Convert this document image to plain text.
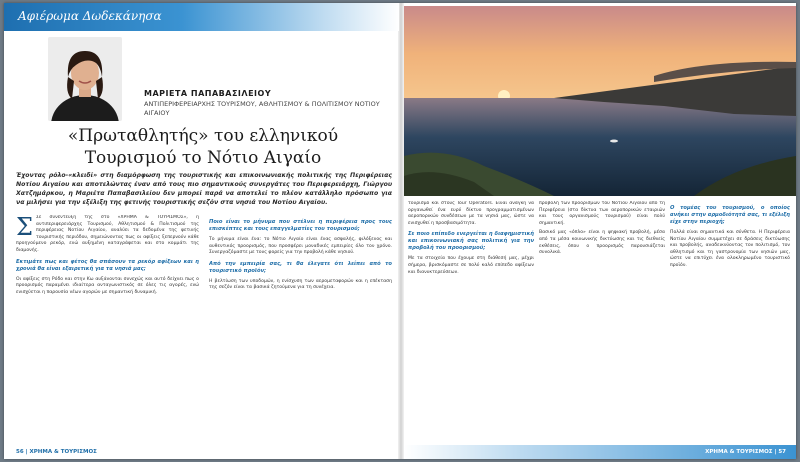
Αφιέρωμα Δωδεκάνησα
ΜΑΡΙΕΤΑ ΠΑΠΑΒΑΣΙΛΕΙΟΥ
ΑΝΤΙΠΕΡΙΦΕΡΕΙΑΡΧΗΣ ΤΟΥΡΙΣΜΟΥ, ΑΘΛΗΤΙΣΜΟΥ & ΠΟΛΙΤΙΣΜΟΥ ΝΟΤΙΟΥ ΑΙΓΑΙΟΥ
«Πρωταθλητής» του ελληνικού Τουρισμού το Νότιο Αιγαίο
Έχοντας ρόλο-«κλειδί» στη διαμόρφωση της τουριστικής και επικοινωνιακής πολιτικής της Περιφέρειας Νοτίου Αιγαίου και αποτελώντας έναν από τους πιο σημαντικούς συνεργάτες του Περιφερειάρχη, Γιώργου Χατζημάρκου, η Μαριέτα Παπαβασιλείου δεν μπορεί παρά να αποτελεί το πλέον κατάλληλο πρόσωπο για να μιλήσει για την εξέλιξη της φετινής τουριστικής σεζόν στα νησιά του Νοτίου Αιγαίου.

Σ Σε συνέντευξη της στο «ΧΡΗΜΑ & ΤΟΥΡΙΣΜΟΣ», η αντιπεριφερειάρχης Τουρισμού, Αθλητισμού & Πολιτισμού της περιφέρειας Νοτίου Αιγαίου, αναλύει τα δεδομένα της φετινής τουριστικής περιόδου, σημειώνοντας πως οι αφίξεις ξεπερνούν κάθε προηγούμενο ρεκόρ, ενώ αυξημένη καταγράφεται και στο κομμάτι της διαμονής.

Εκτιμάτε πως και φέτος θα σπάσουν τα ρεκόρ αφίξεων και η χρονιά θα είναι εξαιρετική για τα νησιά μας;

Οι αφίξεις στη Ρόδο και στην Κω αυξάνονται συνεχώς και αυτό δείχνει πως ο προορισμός παραμένει ιδιαίτερα ανταγωνιστικός σε όλες τις αγορές, ενώ ενισχύεται η παρουσία νέων αγορών με σημαντική δυναμική.

Ποιο είναι το μήνυμα που στέλνει η περιφέρεια προς τους επισκέπτες και τους επαγγελματίες του τουρισμού;

Το μήνυμα είναι ένα: το Νότιο Αιγαίο είναι ένας ασφαλής, φιλόξενος και αυθεντικός προορισμός, που προσφέρει μοναδικές εμπειρίες όλο τον χρόνο. Συνεργαζόμαστε με τους φορείς για την προβολή κάθε νησιού.

Από την εμπειρία σας, τι θα έλεγατε ότι λείπει από το τουριστικό προϊόν;

Η βελτίωση των υποδομών, η ενίσχυση των αερομεταφορών και η επέκταση της σεζόν είναι τα βασικά ζητούμενα για τη συνέχεια.

56 | ΧΡΗΜΑ & ΤΟΥΡΙΣΜΟΣ

τουρισμό και στους Tour Operators. Είναι ανάγκη να οργανωθεί ένα ευρύ δίκτυο προγραμματισμένων αεροπορικών συνδέσεων με τα νησιά μας, ώστε να ενισχυθεί η προσβασιμότητα.

Σε ποιο επίπεδο ενεργείται η διαφημιστική και επικοινωνιακή σας πολιτική για την προβολή του προορισμού;

Με τα στοιχεία που έχουμε στη διάθεσή μας, μέχρι σήμερα, βρισκόμαστε σε πολύ καλό επίπεδο αφίξεων και διανυκτερεύσεων.

προβολή των προορισμών του Νοτίου Αιγαίου από τη Περιφέρεια (στα δίκτυα των αεροπορικών εταιριών και τους οργανισμούς τουρισμού) είναι πολύ σημαντική.

Βασικό μας «όπλο» είναι η ψηφιακή προβολή, μέσα από τα μέσα κοινωνικής δικτύωσης και τις διεθνείς εκθέσεις, όπου ο προορισμός παρουσιάζεται συνολικά.

Ο τομέας του τουρισμού, ο οποίος ανήκει στην αρμοδιότητά σας, τι εξέλιξη είχε στην περιοχή;

Πολλά είναι σημαντικά και σύνθετα. Η Περιφέρεια Νοτίου Αιγαίου συμμετέχει σε δράσεις δικτύωσης και προβολής, αναδεικνύοντας τον πολιτισμό, τον αθλητισμό και τη γαστρονομία των νησιών μας, ώστε να επιτύχει ένα ολοκληρωμένο τουριστικό προϊόν.

ΧΡΗΜΑ & ΤΟΥΡΙΣΜΟΣ | 57
